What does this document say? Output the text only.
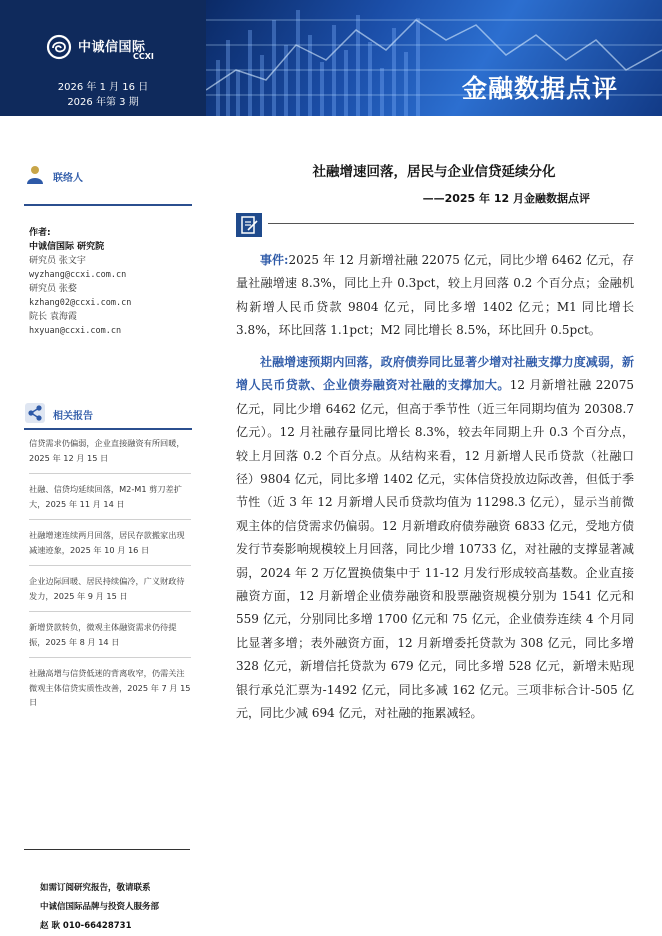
中诚信国际
CCXI
2026 年 1 月 16 日
2026 年第 3 期	金融数据点评
联络人
作者:
中诚信国际 研究院
研究员 张文宇
wyzhang@ccxi.com.cn
研究员 张婺
kzhang02@ccxi.com.cn
院长 袁海霞
hxyuan@ccxi.com.cn
相关报告
信贷需求仍偏弱，企业直接融资有所回暖，2025 年 12 月 15 日
社融、信贷均延续回落，M2-M1 剪刀差扩大，2025 年 11 月 14 日
社融增速连续两月回落，居民存款搬家出现减速迹象，2025 年 10 月 16 日
企业边际回暖、居民持续偏冷，广义财政待发力，2025 年 9 月 15 日
新增贷款转负，微观主体融资需求仍待提振，2025 年 8 月 14 日
社融高增与信贷低迷的背离收窄，仍需关注微观主体信贷实质性改善，2025 年 7 月 15 日
如需订阅研究报告，敬请联系
中诚信国际品牌与投资人服务部
赵 耿 010-66428731
社融增速回落，居民与企业信贷延续分化
——2025 年 12 月金融数据点评

事件:2025 年 12 月新增社融 22075 亿元，同比少增 6462 亿元，存量社融增速 8.3%，同比上升 0.3pct，较上月回落 0.2 个百分点；金融机构新增人民币贷款 9804 亿元，同比多增 1402 亿元；M1 同比增长 3.8%，环比回落 1.1pct；M2 同比增长 8.5%，环比回升 0.5pct。

社融增速预期内回落，政府债券同比显著少增对社融支撑力度减弱，新增人民币贷款、企业债券融资对社融的支撑加大。12 月新增社融 22075 亿元，同比少增 6462 亿元，但高于季节性（近三年同期均值为 20308.7 亿元）。12 月社融存量同比增长 8.3%，较去年同期上升 0.3 个百分点，较上月回落 0.2 个百分点。从结构来看，12 月新增人民币贷款（社融口径）9804 亿元，同比多增 1402 亿元，实体信贷投放边际改善，但低于季节性（近 3 年 12 月新增人民币贷款均值为 11298.3 亿元），显示当前微观主体的信贷需求仍偏弱。12 月新增政府债券融资 6833 亿元，受地方债发行节奏影响规模较上月回落，同比少增 10733 亿，对社融的支撑显著减弱，2024 年 2 万亿置换债集中于 11-12 月发行形成较高基数。企业直接融资方面，12 月新增企业债券融资和股票融资规模分别为 1541 亿元和 559 亿元，分别同比多增 1700 亿元和 75 亿元，企业债券连续 4 个月同比显著多增；表外融资方面，12 月新增委托贷款为 308 亿元，同比多增 328 亿元，新增信托贷款为 679 亿元，同比多增 528 亿元，新增未贴现银行承兑汇票为-1492 亿元，同比多减 162 亿元。三项非标合计-505 亿元，同比少减 694 亿元，对社融的拖累减轻。
